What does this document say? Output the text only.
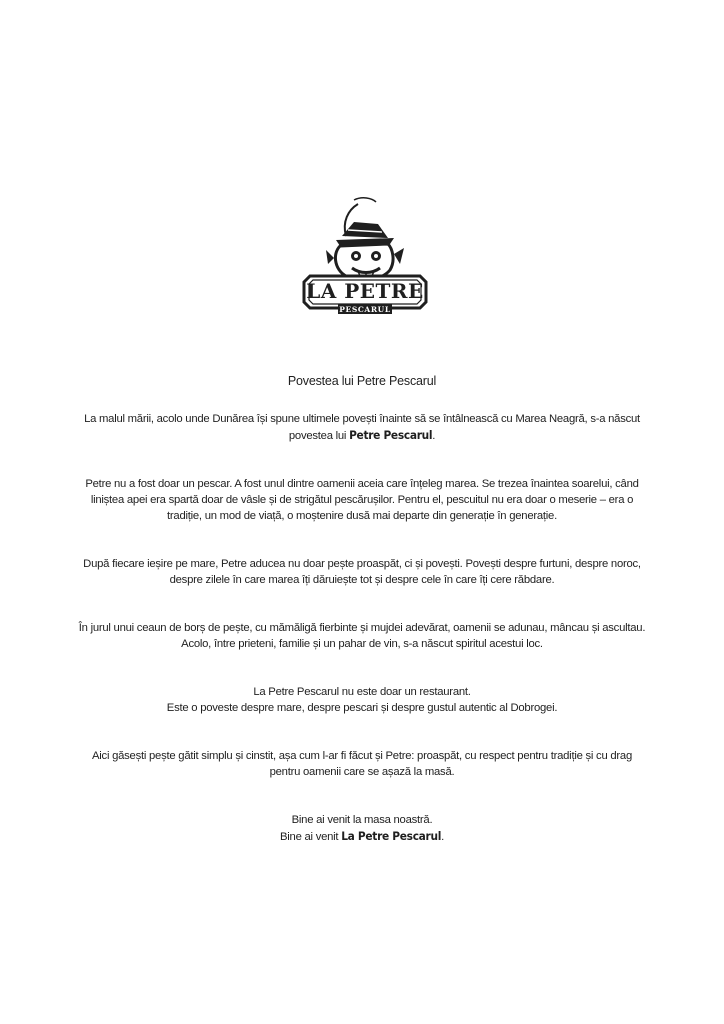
LA PETRE
PESCARUL
Povestea lui Petre Pescarul
La malul mării, acolo unde Dunărea își spune ultimele povești înainte să se întâlnească cu Marea Neagră, s-a născut povestea lui Petre Pescarul.
Petre nu a fost doar un pescar. A fost unul dintre oamenii aceia care înțeleg marea. Se trezea înaintea soarelui, când liniștea apei era spartă doar de vâsle și de strigătul pescărușilor. Pentru el, pescuitul nu era doar o meserie – era o tradiție, un mod de viață, o moștenire dusă mai departe din generație în generație.
După fiecare ieșire pe mare, Petre aducea nu doar pește proaspăt, ci și povești. Povești despre furtuni, despre noroc, despre zilele în care marea îți dăruiește tot și despre cele în care îți cere răbdare.
În jurul unui ceaun de borș de pește, cu mămăligă fierbinte și mujdei adevărat, oamenii se adunau, mâncau și ascultau. Acolo, între prieteni, familie și un pahar de vin, s-a născut spiritul acestui loc.
La Petre Pescarul nu este doar un restaurant.
Este o poveste despre mare, despre pescari și despre gustul autentic al Dobrogei.
Aici găsești pește gătit simplu și cinstit, așa cum l-ar fi făcut și Petre: proaspăt, cu respect pentru tradiție și cu drag pentru oamenii care se așază la masă.
Bine ai venit la masa noastră.
Bine ai venit La Petre Pescarul.
